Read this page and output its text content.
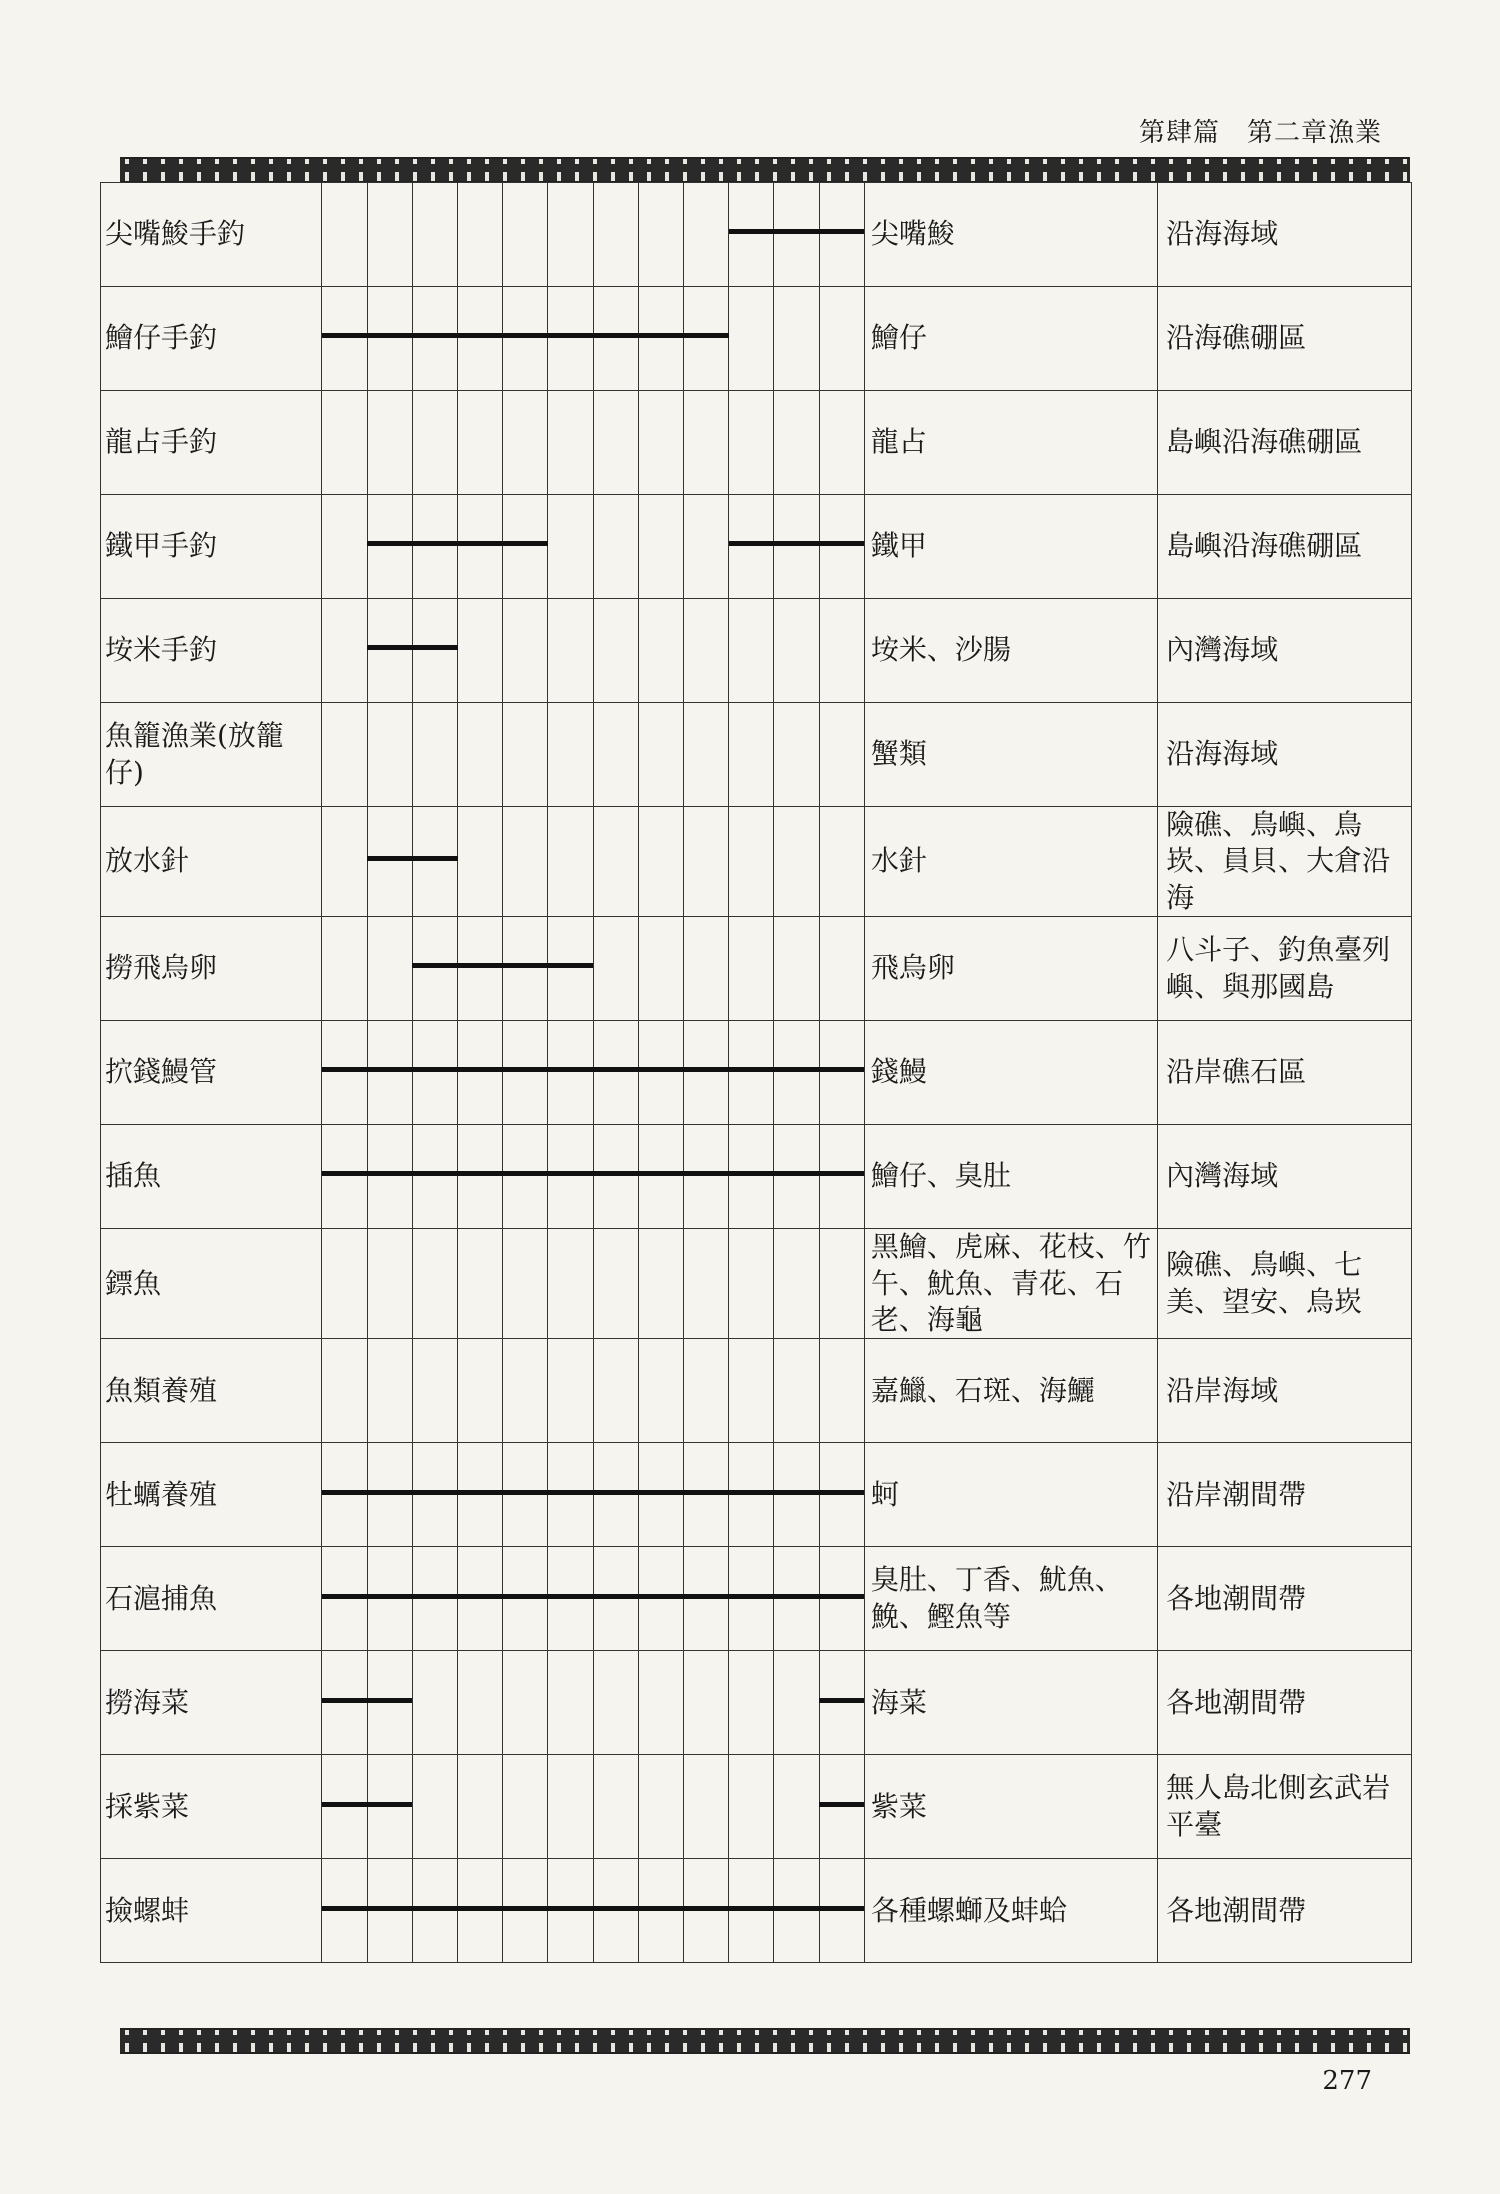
第肆篇　第二章漁業
尖嘴鮻手釣													尖嘴鮻	沿海海域
鱠仔手釣													鱠仔	沿海礁硼區
龍占手釣													龍占	島嶼沿海礁硼區
鐵甲手釣													鐵甲	島嶼沿海礁硼區
垵米手釣													垵米、沙腸	內灣海域
魚籠漁業(放籠仔)													蟹類	沿海海域
放水針													水針	險礁、鳥嶼、鳥崁、員貝、大倉沿海
撈飛烏卵													飛烏卵	八斗子、釣魚臺列嶼、與那國島
㧒錢鰻管													錢鰻	沿岸礁石區
插魚													鱠仔、臭肚	內灣海域
鏢魚													黑鱠、虎麻、花枝、竹午、魷魚、青花、石老、海龜	險礁、鳥嶼、七美、望安、烏崁
魚類養殖													嘉鱲、石斑、海鱺	沿岸海域
牡蠣養殖													蚵	沿岸潮間帶
石滬捕魚													臭肚、丁香、魷魚、鮸、鰹魚等	各地潮間帶
撈海菜													海菜	各地潮間帶
採紫菜													紫菜	無人島北側玄武岩平臺
撿螺蚌													各種螺螄及蚌蛤	各地潮間帶
277
